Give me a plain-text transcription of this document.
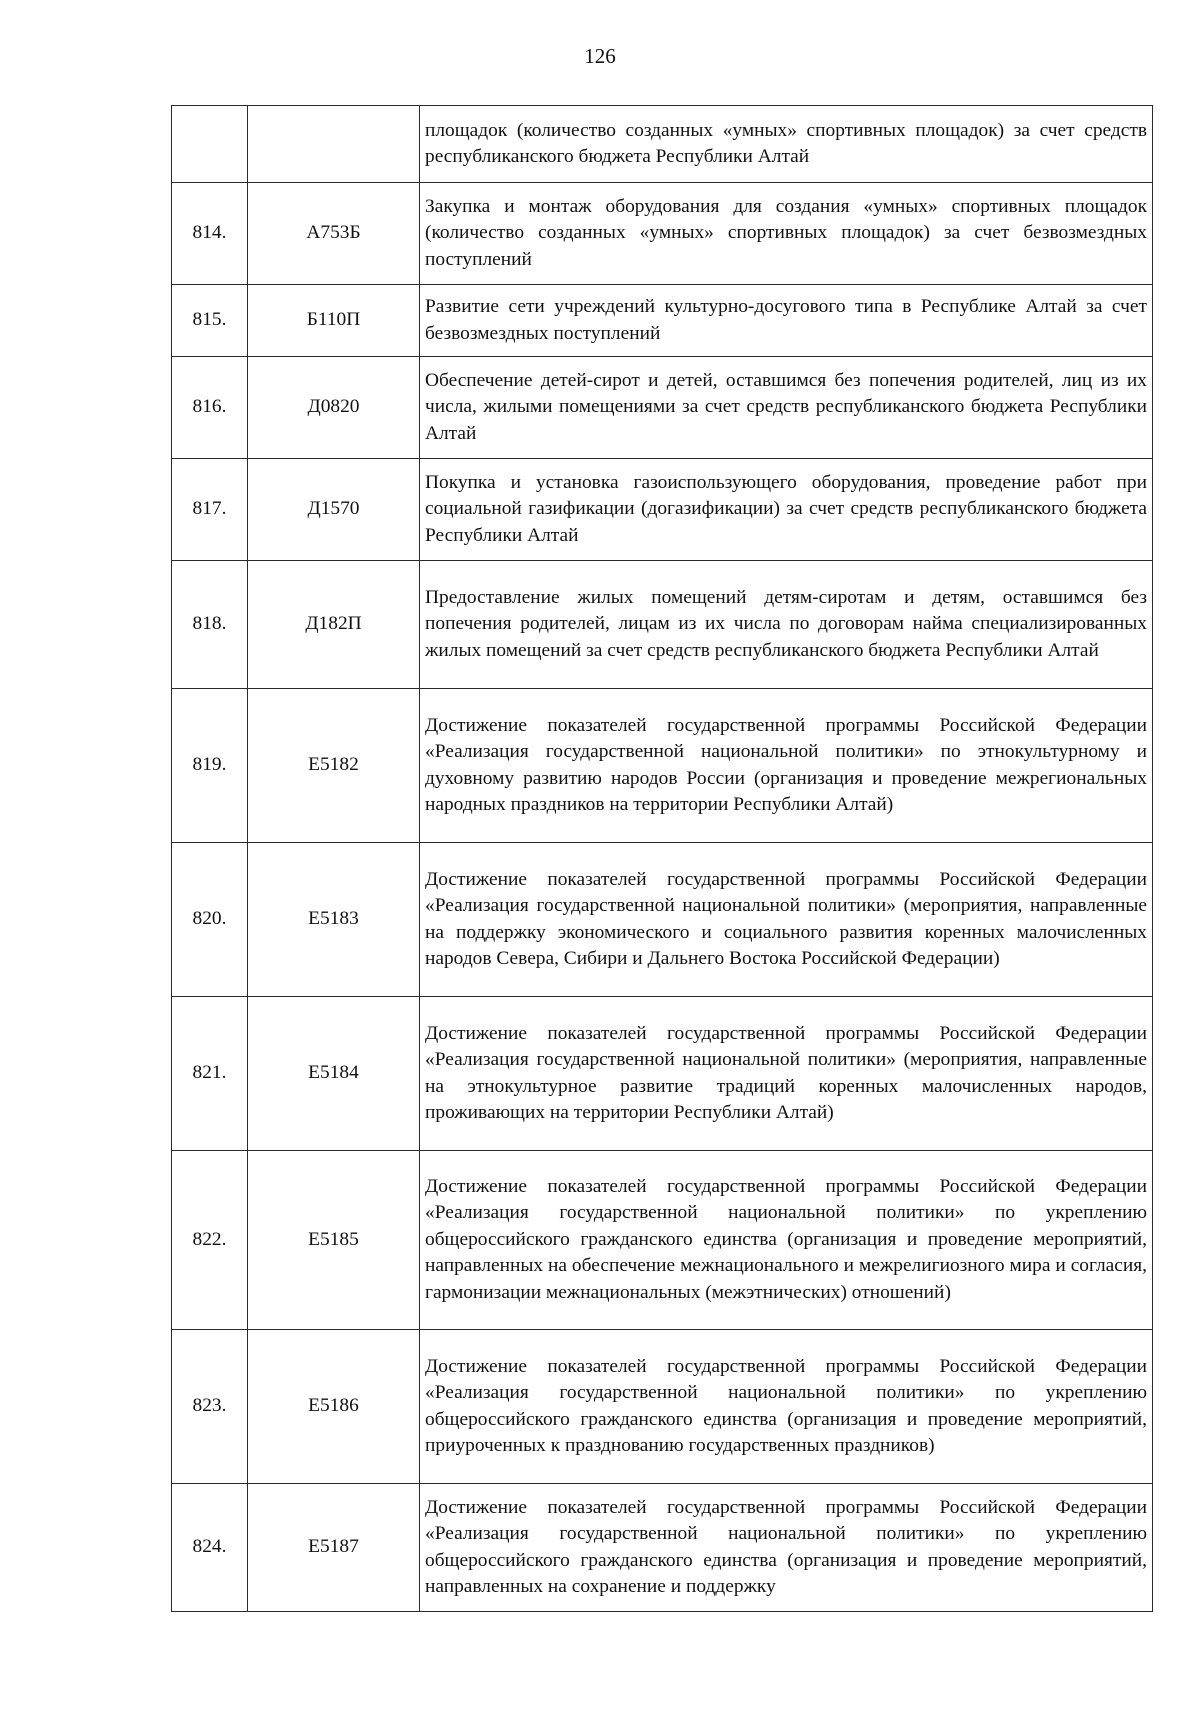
126
		площадок (количество созданных «умных» спортивных площадок) за счет средств республиканского бюджета Республики Алтай
814.	А753Б	Закупка и монтаж оборудования для создания «умных» спортивных площадок (количество созданных «умных» спортивных площадок) за счет безвозмездных поступлений
815.	Б110П	Развитие сети учреждений культурно-досугового типа в Республике Алтай за счет безвозмездных поступлений
816.	Д0820	Обеспечение детей-сирот и детей, оставшимся без попечения родителей, лиц из их числа, жилыми помещениями за счет средств республиканского бюджета Республики Алтай
817.	Д1570	Покупка и установка газоиспользующего оборудования, проведение работ при социальной газификации (догазификации) за счет средств республиканского бюджета Республики Алтай
818.	Д182П	Предоставление жилых помещений детям-сиротам и детям, оставшимся без попечения родителей, лицам из их числа по договорам найма специализированных жилых помещений за счет средств республиканского бюджета Республики Алтай
819.	Е5182	Достижение показателей государственной программы Российской Федерации «Реализация государственной национальной политики» по этнокультурному и духовному развитию народов России (организация и проведение межрегиональных народных праздников на территории Республики Алтай)
820.	Е5183	Достижение показателей государственной программы Российской Федерации «Реализация государственной национальной политики» (мероприятия, направленные на поддержку экономического и социального развития коренных малочисленных народов Севера, Сибири и Дальнего Востока Российской Федерации)
821.	Е5184	Достижение показателей государственной программы Российской Федерации «Реализация государственной национальной политики» (мероприятия, направленные на этнокультурное развитие традиций коренных малочисленных народов, проживающих на территории Республики Алтай)
822.	Е5185	Достижение показателей государственной программы Российской Федерации «Реализация государственной национальной политики» по укреплению общероссийского гражданского единства (организация и проведение мероприятий, направленных на обеспечение межнационального и межрелигиозного мира и согласия, гармонизации межнациональных (межэтнических) отношений)
823.	Е5186	Достижение показателей государственной программы Российской Федерации «Реализация государственной национальной политики» по укреплению общероссийского гражданского единства (организация и проведение мероприятий, приуроченных к празднованию государственных праздников)
824.	Е5187	Достижение показателей государственной программы Российской Федерации «Реализация государственной национальной политики» по укреплению общероссийского гражданского единства (организация и проведение мероприятий, направленных на сохранение и поддержку
